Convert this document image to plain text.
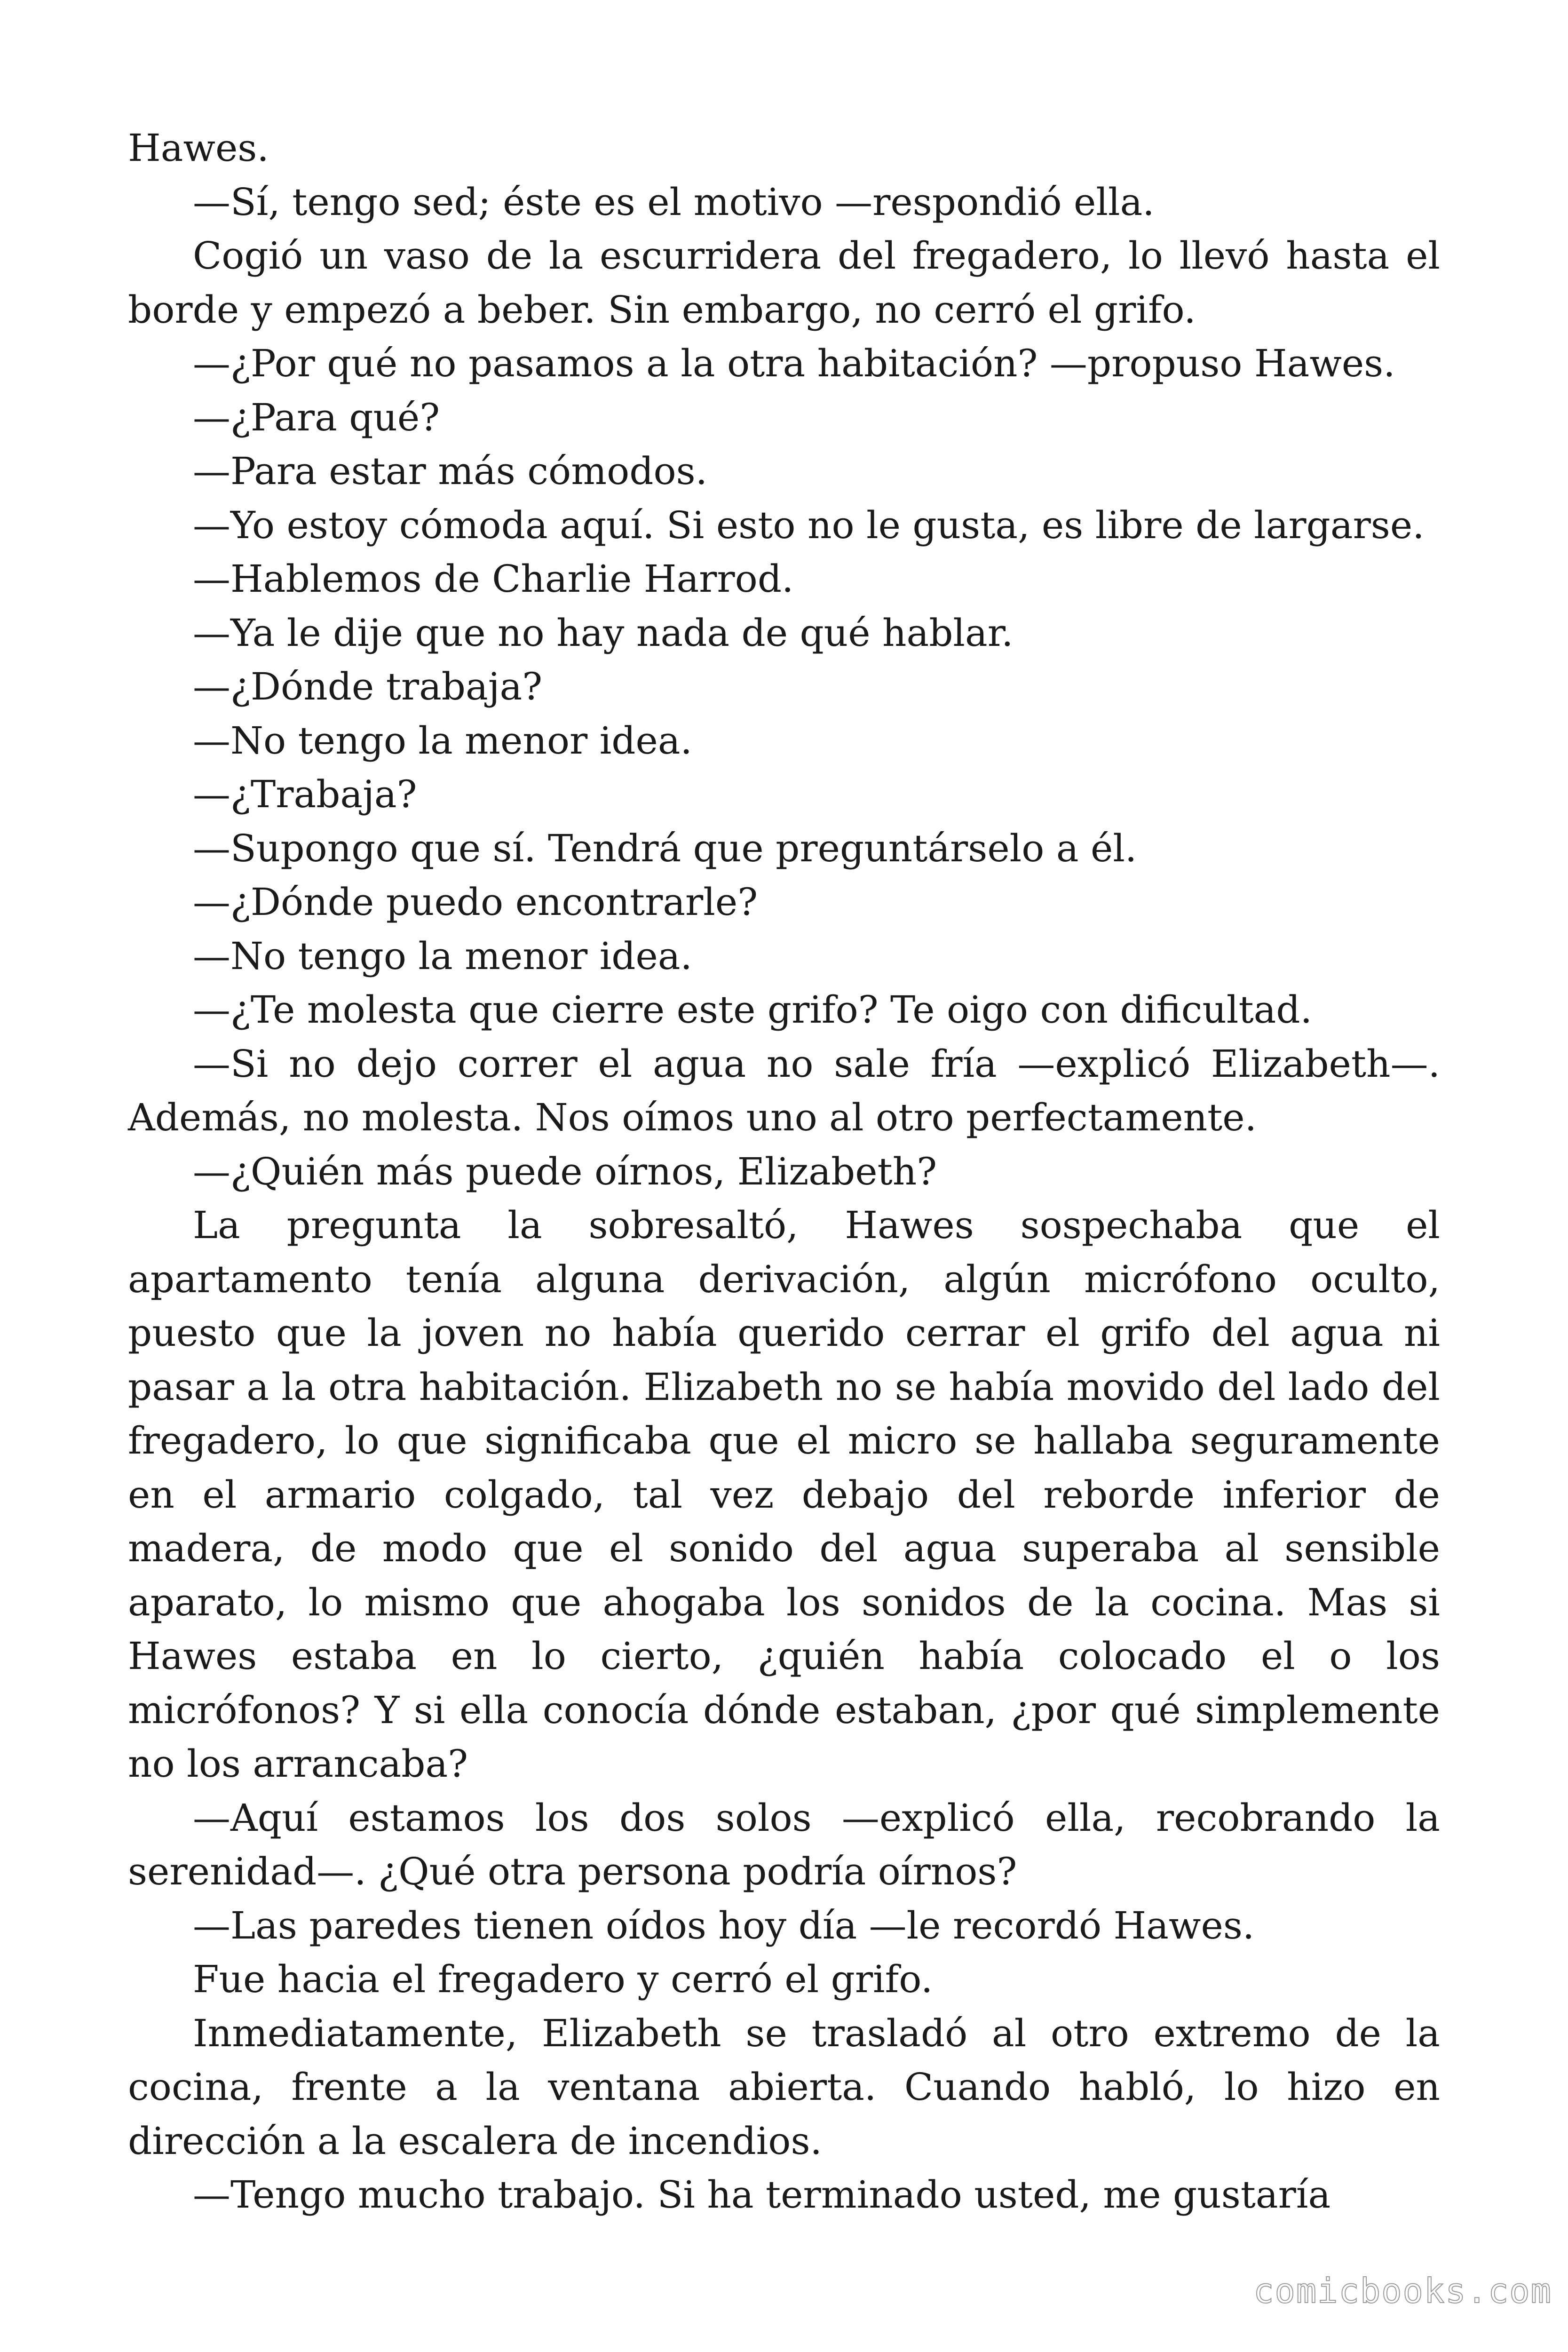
Hawes.

—Sí, tengo sed; éste es el motivo —respondió ella.

Cogió un vaso de la escurridera del fregadero, lo llevó hasta el borde y empezó a beber. Sin embargo, no cerró el grifo.

—¿Por qué no pasamos a la otra habitación? —propuso Hawes.

—¿Para qué?

—Para estar más cómodos.

—Yo estoy cómoda aquí. Si esto no le gusta, es libre de largarse.

—Hablemos de Charlie Harrod.

—Ya le dije que no hay nada de qué hablar.

—¿Dónde trabaja?

—No tengo la menor idea.

—¿Trabaja?

—Supongo que sí. Tendrá que preguntárselo a él.

—¿Dónde puedo encontrarle?

—No tengo la menor idea.

—¿Te molesta que cierre este grifo? Te oigo con dificultad.

—Si no dejo correr el agua no sale fría —explicó Elizabeth—. Además, no molesta. Nos oímos uno al otro perfectamente.

—¿Quién más puede oírnos, Elizabeth?

La pregunta la sobresaltó, Hawes sospechaba que el apartamento tenía alguna derivación, algún micrófono oculto, puesto que la joven no había querido cerrar el grifo del agua ni pasar a la otra habitación. Elizabeth no se había movido del lado del fregadero, lo que significaba que el micro se hallaba seguramente en el armario colgado, tal vez debajo del reborde inferior de madera, de modo que el sonido del agua superaba al sensible aparato, lo mismo que ahogaba los sonidos de la cocina. Mas si Hawes estaba en lo cierto, ¿quién había colocado el o los micrófonos? Y si ella conocía dónde estaban, ¿por qué simplemente no los arrancaba?

—Aquí estamos los dos solos —explicó ella, recobrando la serenidad—. ¿Qué otra persona podría oírnos?

—Las paredes tienen oídos hoy día —le recordó Hawes.

Fue hacia el fregadero y cerró el grifo.

Inmediatamente, Elizabeth se trasladó al otro extremo de la cocina, frente a la ventana abierta. Cuando habló, lo hizo en dirección a la escalera de incendios.

—Tengo mucho trabajo. Si ha terminado usted, me gustaría

comicbooks.com
